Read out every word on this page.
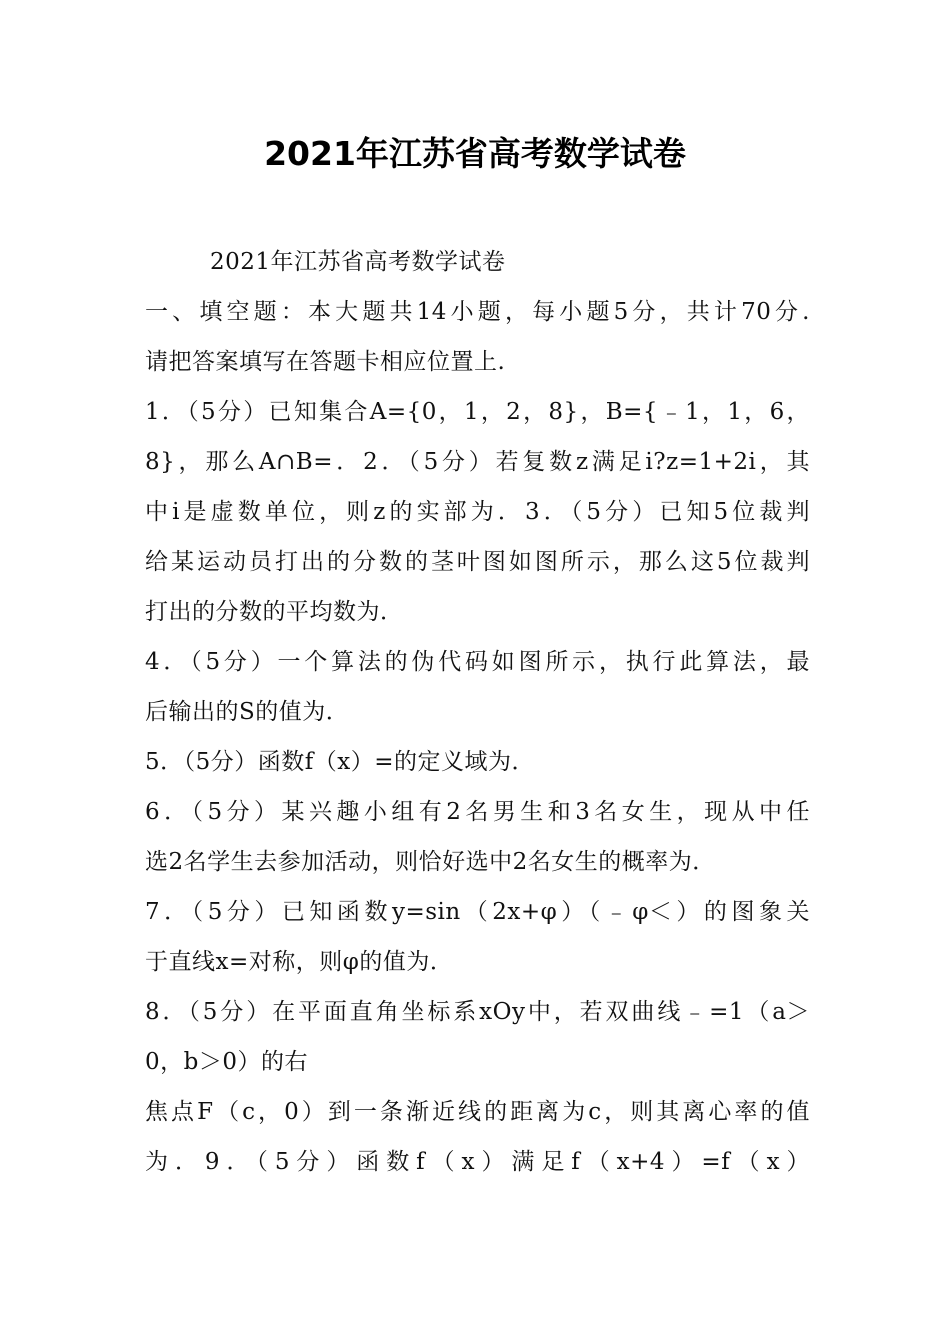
2021年江苏省高考数学试卷
2021年江苏省高考数学试卷
一、填空题：本大题共14小题，每小题5分，共计70分.
请把答案填写在答题卡相应位置上.
1．（5分）已知集合A={0，1，2，8}，B={﹣1，1，6，
8}，那么A∩B=．2．（5分）若复数z满足i?z=1+2i，其
中i是虚数单位，则z的实部为．3．（5分）已知5位裁判
给某运动员打出的分数的茎叶图如图所示，那么这5位裁判
打出的分数的平均数为．
4．（5分）一个算法的伪代码如图所示，执行此算法，最
后输出的S的值为．
5．（5分）函数f（x）=的定义域为．
6．（5分）某兴趣小组有2名男生和3名女生，现从中任
选2名学生去参加活动，则恰好选中2名女生的概率为．
7．（5分）已知函数y=sin（2x+φ）（﹣φ＜）的图象关
于直线x=对称，则φ的值为．
8．（5分）在平面直角坐标系xOy中，若双曲线﹣=1（a＞
0，b＞0）的右
焦点F（c，0）到一条渐近线的距离为c，则其离心率的值
为．9．（5分）函数f（x）满足f（x+4）=f（x）
